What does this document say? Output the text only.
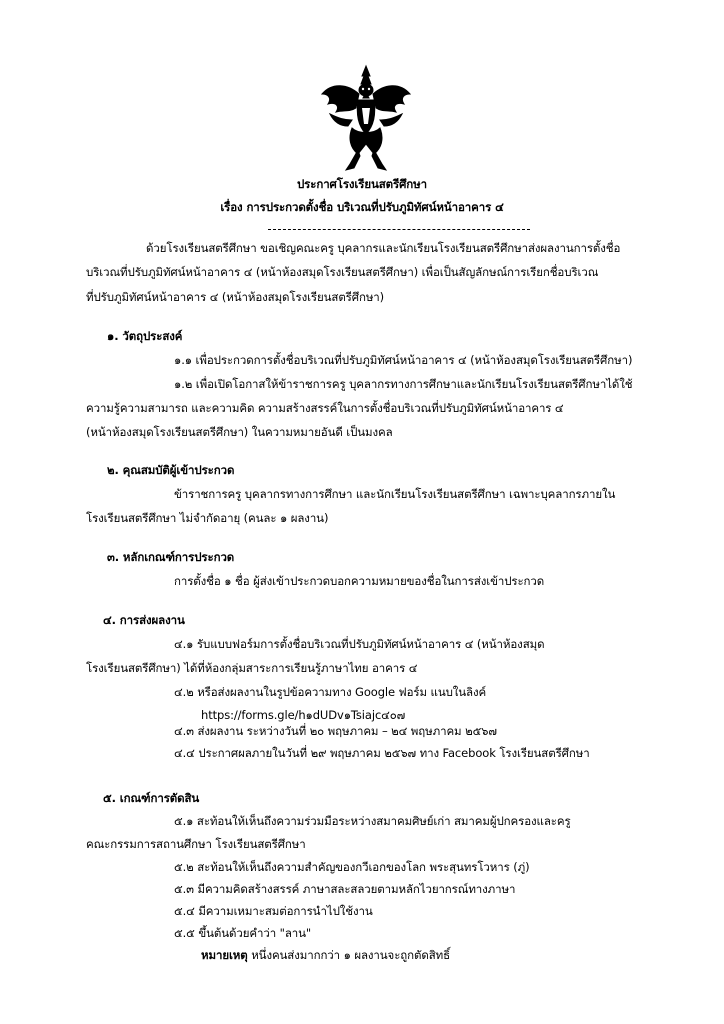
ประกาศโรงเรียนสตรีศึกษา
เรื่อง การประกวดตั้งชื่อ บริเวณที่ปรับภูมิทัศน์หน้าอาคาร ๔
ด้วยโรงเรียนสตรีศึกษา ขอเชิญคณะครู บุคลากรและนักเรียนโรงเรียนสตรีศึกษาส่งผลงานการตั้งชื่อ
บริเวณที่ปรับภูมิทัศน์หน้าอาคาร ๔ (หน้าห้องสมุดโรงเรียนสตรีศึกษา) เพื่อเป็นสัญลักษณ์การเรียกชื่อบริเวณ
ที่ปรับภูมิทัศน์หน้าอาคาร ๔ (หน้าห้องสมุดโรงเรียนสตรีศึกษา)
๑. วัตถุประสงค์
๑.๑ เพื่อประกวดการตั้งชื่อบริเวณที่ปรับภูมิทัศน์หน้าอาคาร ๔ (หน้าห้องสมุดโรงเรียนสตรีศึกษา)
๑.๒ เพื่อเปิดโอกาสให้ข้าราชการครู บุคลากรทางการศึกษาและนักเรียนโรงเรียนสตรีศึกษาได้ใช้
ความรู้ความสามารถ และความคิด ความสร้างสรรค์ในการตั้งชื่อบริเวณที่ปรับภูมิทัศน์หน้าอาคาร ๔
(หน้าห้องสมุดโรงเรียนสตรีศึกษา) ในความหมายอันดี เป็นมงคล
๒. คุณสมบัติผู้เข้าประกวด
ข้าราชการครู บุคลากรทางการศึกษา และนักเรียนโรงเรียนสตรีศึกษา เฉพาะบุคลากรภายใน
โรงเรียนสตรีศึกษา ไม่จำกัดอายุ (คนละ ๑ ผลงาน)
๓. หลักเกณฑ์การประกวด
การตั้งชื่อ ๑ ชื่อ ผู้ส่งเข้าประกวดบอกความหมายของชื่อในการส่งเข้าประกวด
๔. การส่งผลงาน
๔.๑ รับแบบฟอร์มการตั้งชื่อบริเวณที่ปรับภูมิทัศน์หน้าอาคาร ๔ (หน้าห้องสมุด
โรงเรียนสตรีศึกษา) ได้ที่ห้องกลุ่มสาระการเรียนรู้ภาษาไทย อาคาร ๔
๔.๒ หรือส่งผลงานในรูปข้อความทาง Google ฟอร์ม แนบในลิงค์
https://forms.gle/h๑dUDv๑Tsiajc๔๐๗
๔.๓ ส่งผลงาน ระหว่างวันที่ ๒๐ พฤษภาคม – ๒๔ พฤษภาคม ๒๕๖๗
๔.๔ ประกาศผลภายในวันที่ ๒๙ พฤษภาคม ๒๕๖๗ ทาง Facebook โรงเรียนสตรีศึกษา
๕. เกณฑ์การตัดสิน
๕.๑ สะท้อนให้เห็นถึงความร่วมมือระหว่างสมาคมศิษย์เก่า สมาคมผู้ปกครองและครู
คณะกรรมการสถานศึกษา โรงเรียนสตรีศึกษา
๕.๒ สะท้อนให้เห็นถึงความสำคัญของกวีเอกของโลก พระสุนทรโวหาร (ภู่)
๕.๓ มีความคิดสร้างสรรค์ ภาษาสละสลวยตามหลักไวยากรณ์ทางภาษา
๕.๔ มีความเหมาะสมต่อการนำไปใช้งาน
๕.๕ ขึ้นต้นด้วยคำว่า "ลาน"
หมายเหตุ หนึ่งคนส่งมากกว่า ๑ ผลงานจะถูกตัดสิทธิ์
